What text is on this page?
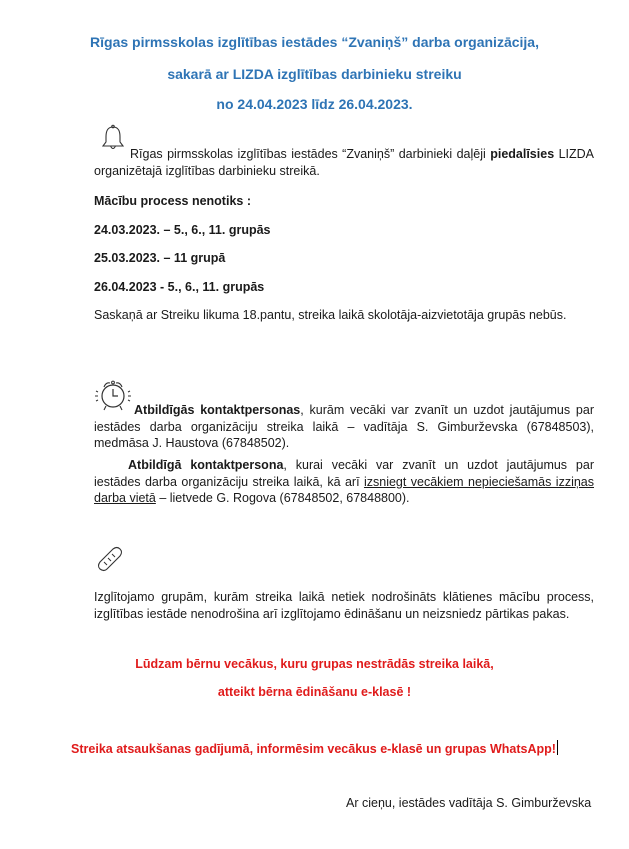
Rīgas pirmsskolas izglītības iestādes “Zvaniņš” darba organizācija,
sakarā ar LIZDA izglītības darbinieku streiku
no 24.04.2023 līdz 26.04.2023.
Rīgas pirmsskolas izglītības iestādes “Zvaniņš” darbinieki daļēji piedalīsies LIZDA organizētajā izglītības darbinieku streikā.
Mācību process nenotiks :
24.03.2023. – 5., 6., 11. grupās
25.03.2023. – 11 grupā
26.04.2023 - 5., 6., 11. grupās
Saskaņā ar Streiku likuma 18.pantu, streika laikā skolotāja-aizvietotāja grupās nebūs.
Atbildīgās kontaktpersonas, kurām vecāki var zvanīt un uzdot jautājumus par iestādes darba organizāciju streika laikā – vadītāja S. Gimburževska (67848503), medmāsa J. Haustova (67848502).
Atbildīgā kontaktpersona, kurai vecāki var zvanīt un uzdot jautājumus par iestādes darba organizāciju streika laikā, kā arī izsniegt vecākiem nepieciešamās izziņas darba vietā – lietvede G. Rogova (67848502, 67848800).
Izglītojamo grupām, kurām streika laikā netiek nodrošināts klātienes mācību process, izglītības iestāde nenodrošina arī izglītojamo ēdināšanu un neizsniedz pārtikas pakas.
Lūdzam bērnu vecākus, kuru grupas nestrādās streika laikā,
atteikt bērna ēdināšanu e-klasē !
Streika atsaukšanas gadījumā, informēsim vecākus e-klasē un grupas WhatsApp!
Ar cieņu, iestādes vadītāja S. Gimburževska
